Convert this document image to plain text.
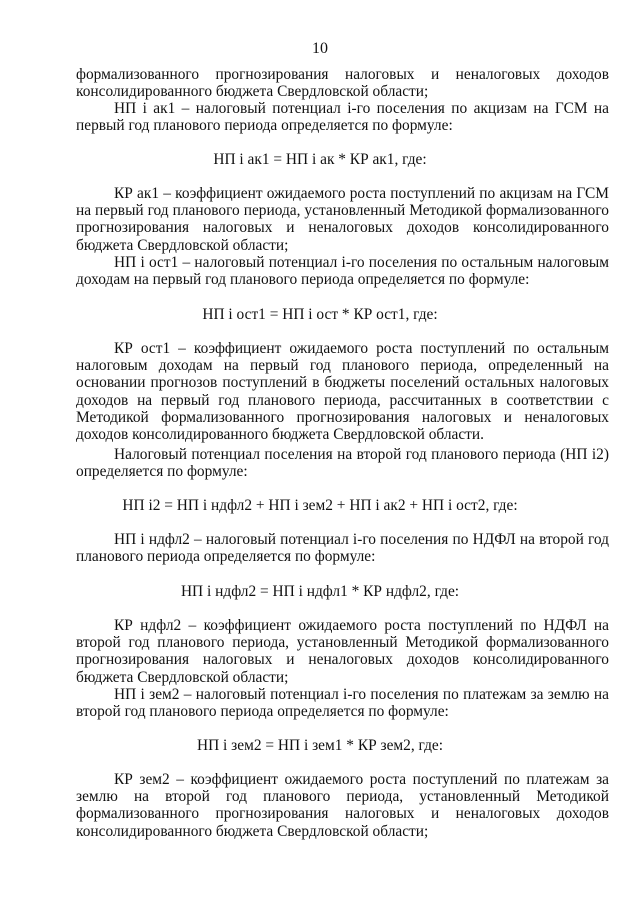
10
формализованного прогнозирования налоговых и неналоговых доходов консолидированного бюджета Свердловской области;
НП i ак1 – налоговый потенциал i-го поселения по акцизам на ГСМ на первый год планового периода определяется по формуле:
НП i ак1 = НП i ак * КР ак1, где:
КР ак1 – коэффициент ожидаемого роста поступлений по акцизам на ГСМ на первый год планового периода, установленный Методикой формализованного прогнозирования налоговых и неналоговых доходов консолидированного бюджета Свердловской области;
НП i ост1 – налоговый потенциал i-го поселения по остальным налоговым доходам на первый год планового периода определяется по формуле:
НП i ост1 = НП i ост * КР ост1, где:
КР ост1 – коэффициент ожидаемого роста поступлений по остальным налоговым доходам на первый год планового периода, определенный на основании прогнозов поступлений в бюджеты поселений остальных налоговых доходов на первый год планового периода, рассчитанных в соответствии с Методикой формализованного прогнозирования налоговых и неналоговых доходов консолидированного бюджета Свердловской области.
Налоговый потенциал поселения на второй год планового периода (НП i2) определяется по формуле:
НП i2 = НП i ндфл2 + НП i зем2 + НП i ак2 + НП i ост2, где:
НП i ндфл2 – налоговый потенциал i-го поселения по НДФЛ на второй год планового периода определяется по формуле:
НП i ндфл2 = НП i ндфл1 * КР ндфл2, где:
КР ндфл2 – коэффициент ожидаемого роста поступлений по НДФЛ на второй год планового периода, установленный Методикой формализованного прогнозирования налоговых и неналоговых доходов консолидированного бюджета Свердловской области;
НП i зем2 – налоговый потенциал i-го поселения по платежам за землю на второй год планового периода определяется по формуле:
НП i зем2 = НП i зем1 * КР зем2, где:
КР зем2 – коэффициент ожидаемого роста поступлений по платежам за землю на второй год планового периода, установленный Методикой формализованного прогнозирования налоговых и неналоговых доходов консолидированного бюджета Свердловской области;
